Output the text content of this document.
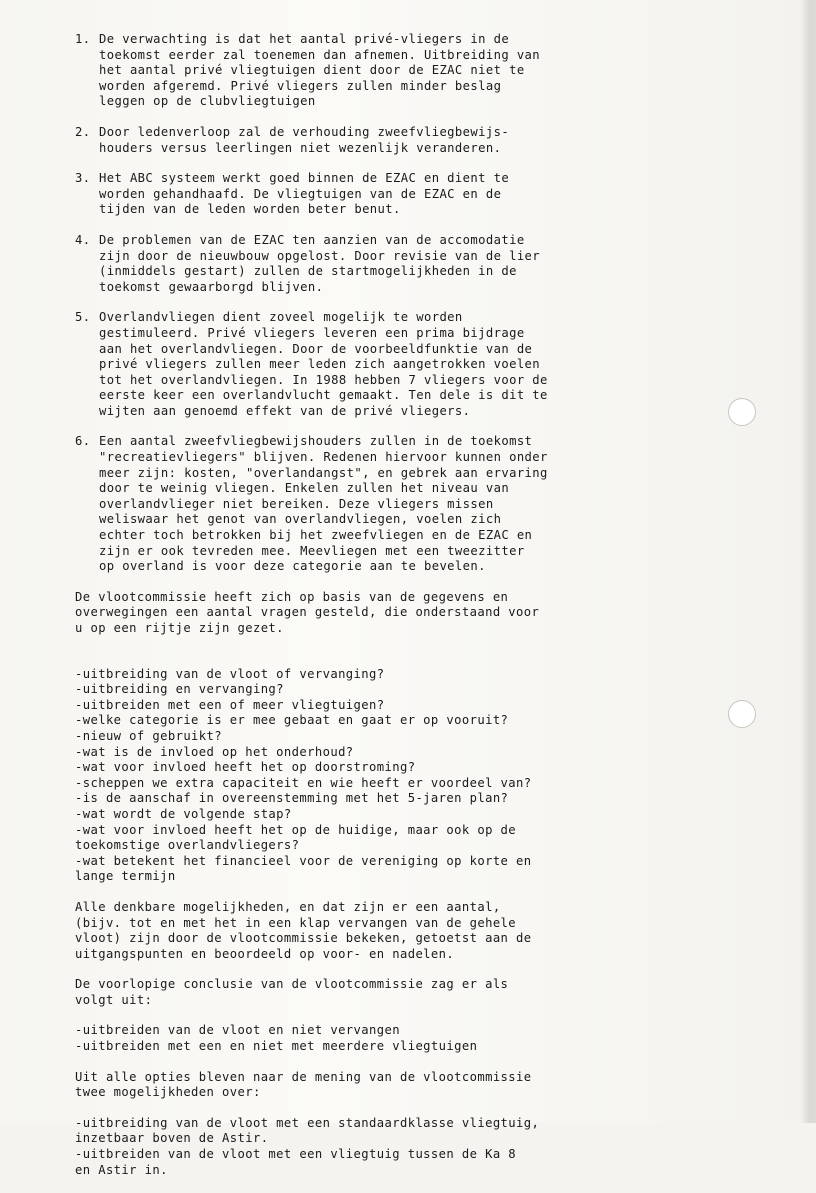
1. De verwachting is dat het aantal privé-vliegers in de
toekomst eerder zal toenemen dan afnemen. Uitbreiding van
het aantal privé vliegtuigen dient door de EZAC niet te
worden afgeremd. Privé vliegers zullen minder beslag
leggen op de clubvliegtuigen
2. Door ledenverloop zal de verhouding zweefvliegbewijs-
houders versus leerlingen niet wezenlijk veranderen.
3. Het ABC systeem werkt goed binnen de EZAC en dient te
worden gehandhaafd. De vliegtuigen van de EZAC en de
tijden van de leden worden beter benut.
4. De problemen van de EZAC ten aanzien van de accomodatie
zijn door de nieuwbouw opgelost. Door revisie van de lier
(inmiddels gestart) zullen de startmogelijkheden in de
toekomst gewaarborgd blijven.
5. Overlandvliegen dient zoveel mogelijk te worden
gestimuleerd. Privé vliegers leveren een prima bijdrage
aan het overlandvliegen. Door de voorbeeldfunktie van de
privé vliegers zullen meer leden zich aangetrokken voelen
tot het overlandvliegen. In 1988 hebben 7 vliegers voor de
eerste keer een overlandvlucht gemaakt. Ten dele is dit te
wijten aan genoemd effekt van de privé vliegers.
6. Een aantal zweefvliegbewijshouders zullen in de toekomst
"recreatievliegers" blijven. Redenen hiervoor kunnen onder
meer zijn: kosten, "overlandangst", en gebrek aan ervaring
door te weinig vliegen. Enkelen zullen het niveau van
overlandvlieger niet bereiken. Deze vliegers missen
weliswaar het genot van overlandvliegen, voelen zich
echter toch betrokken bij het zweefvliegen en de EZAC en
zijn er ook tevreden mee. Meevliegen met een tweezitter
op overland is voor deze categorie aan te bevelen.

De vlootcommissie heeft zich op basis van de gegevens en
overwegingen een aantal vragen gesteld, die onderstaand voor
u op een rijtje zijn gezet.

-uitbreiding van de vloot of vervanging?
-uitbreiding en vervanging?
-uitbreiden met een of meer vliegtuigen?
-welke categorie is er mee gebaat en gaat er op vooruit?
-nieuw of gebruikt?
-wat is de invloed op het onderhoud?
-wat voor invloed heeft het op doorstroming?
-scheppen we extra capaciteit en wie heeft er voordeel van?
-is de aanschaf in overeenstemming met het 5-jaren plan?
-wat wordt de volgende stap?
-wat voor invloed heeft het op de huidige, maar ook op de
toekomstige overlandvliegers?
-wat betekent het financieel voor de vereniging op korte en
lange termijn

Alle denkbare mogelijkheden, en dat zijn er een aantal,
(bijv. tot en met het in een klap vervangen van de gehele
vloot) zijn door de vlootcommissie bekeken, getoetst aan de
uitgangspunten en beoordeeld op voor- en nadelen.

De voorlopige conclusie van de vlootcommissie zag er als
volgt uit:

-uitbreiden van de vloot en niet vervangen
-uitbreiden met een en niet met meerdere vliegtuigen

Uit alle opties bleven naar de mening van de vlootcommissie
twee mogelijkheden over:

-uitbreiding van de vloot met een standaardklasse vliegtuig,
inzetbaar boven de Astir.
-uitbreiden van de vloot met een vliegtuig tussen de Ka 8
en Astir in.
